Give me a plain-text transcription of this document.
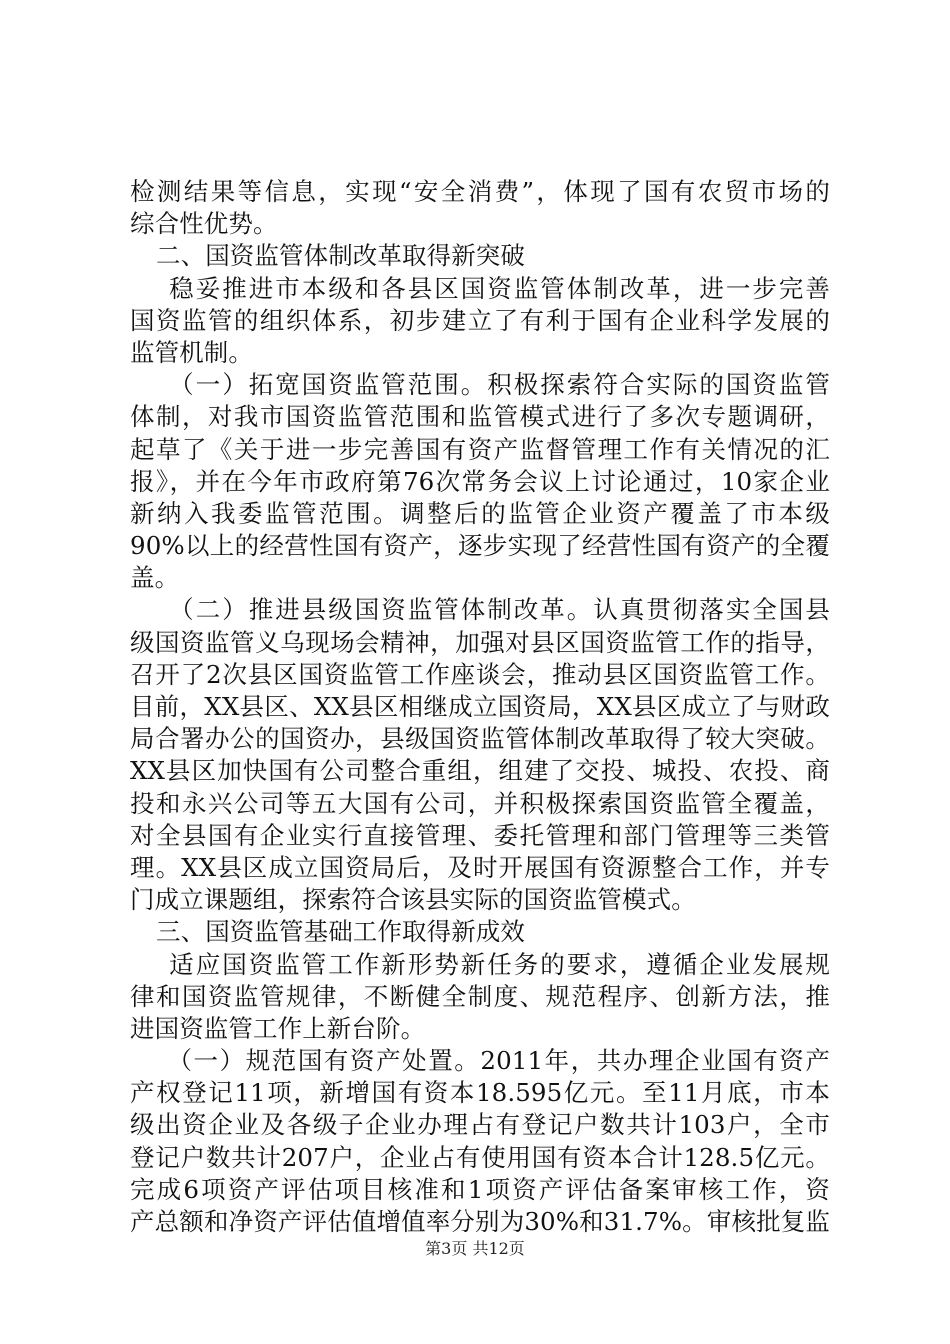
检测结果等信息，实现“安全消费”，体现了国有农贸市场的
综合性优势。
二、国资监管体制改革取得新突破
稳妥推进市本级和各县区国资监管体制改革，进一步完善
国资监管的组织体系，初步建立了有利于国有企业科学发展的
监管机制。
（一）拓宽国资监管范围。积极探索符合实际的国资监管
体制，对我市国资监管范围和监管模式进行了多次专题调研，
起草了《关于进一步完善国有资产监督管理工作有关情况的汇
报》，并在今年市政府第76次常务会议上讨论通过，10家企业
新纳入我委监管范围。调整后的监管企业资产覆盖了市本级
90%以上的经营性国有资产，逐步实现了经营性国有资产的全覆
盖。
（二）推进县级国资监管体制改革。认真贯彻落实全国县
级国资监管义乌现场会精神，加强对县区国资监管工作的指导，
召开了2次县区国资监管工作座谈会，推动县区国资监管工作。
目前，XX县区、XX县区相继成立国资局，XX县区成立了与财政
局合署办公的国资办，县级国资监管体制改革取得了较大突破。
XX县区加快国有公司整合重组，组建了交投、城投、农投、商
投和永兴公司等五大国有公司，并积极探索国资监管全覆盖，
对全县国有企业实行直接管理、委托管理和部门管理等三类管
理。XX县区成立国资局后，及时开展国有资源整合工作，并专
门成立课题组，探索符合该县实际的国资监管模式。
三、国资监管基础工作取得新成效
适应国资监管工作新形势新任务的要求，遵循企业发展规
律和国资监管规律，不断健全制度、规范程序、创新方法，推
进国资监管工作上新台阶。
（一）规范国有资产处置。2011年，共办理企业国有资产
产权登记11项，新增国有资本18.595亿元。至11月底，市本
级出资企业及各级子企业办理占有登记户数共计103户，全市
登记户数共计207户，企业占有使用国有资本合计128.5亿元。
完成6项资产评估项目核准和1项资产评估备案审核工作，资
产总额和净资产评估值增值率分别为30%和31.7%。审核批复监
第3页 共12页
